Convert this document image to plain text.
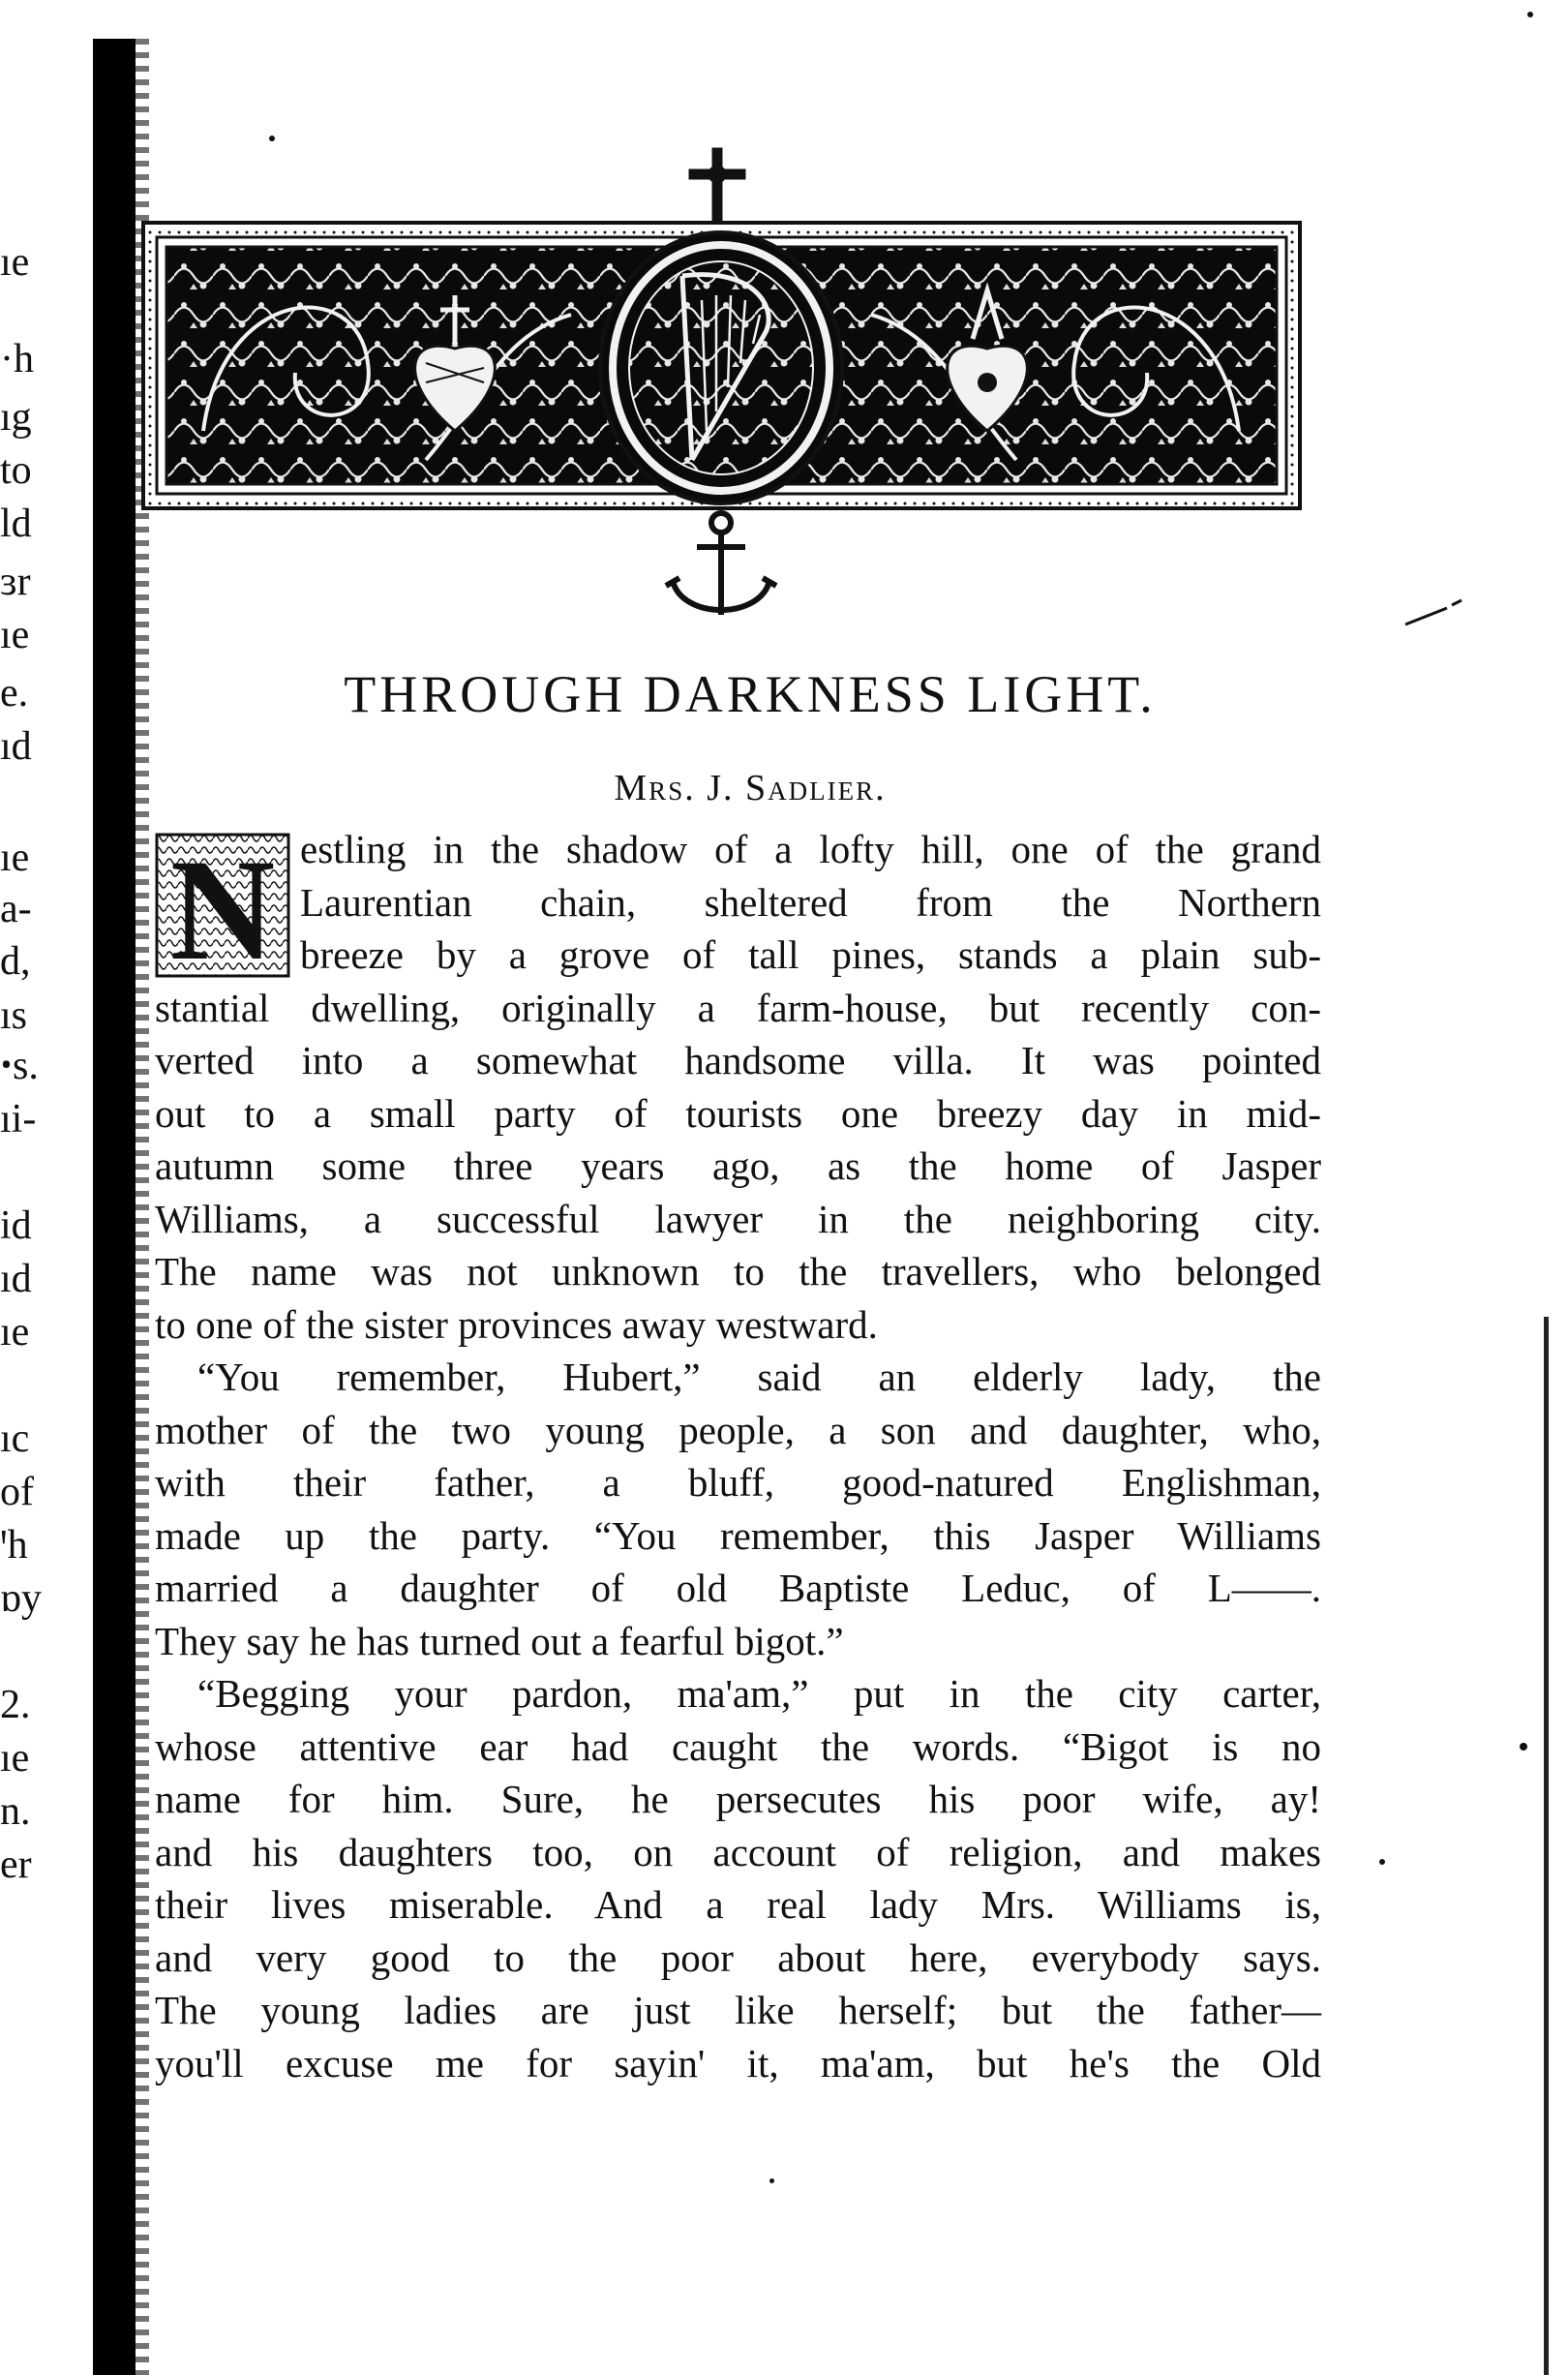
ıe
·h
ıg
to
ld
ɜr
ıe
e.
ıd
ıe
a-
d,
ıs
ꞏs.
ıi-
id
ıd
ıe
ıc
of
ꞌh
ɒy
2.
ıe
n.
er
THROUGH DARKNESS LIGHT.
Mrs. J. Sadlier.
N estling in the shadow of a lofty hill, one of the grand
Laurentian chain, sheltered from the Northern
breeze by a grove of tall pines, stands a plain sub-
stantial dwelling, originally a farm-house, but recently con-
verted into a somewhat handsome villa. It was pointed
out to a small party of tourists one breezy day in mid-
autumn some three years ago, as the home of Jasper
Williams, a successful lawyer in the neighboring city.
The name was not unknown to the travellers, who belonged
to one of the sister provinces away westward.
“You remember, Hubert,” said an elderly lady, the
mother of the two young people, a son and daughter, who,
with their father, a bluff, good-natured Englishman,
made up the party. “You remember, this Jasper Williams
married a daughter of old Baptiste Leduc, of L——.
They say he has turned out a fearful bigot.”
“Begging your pardon, ma'am,” put in the city carter,
whose attentive ear had caught the words. “Bigot is no
name for him. Sure, he persecutes his poor wife, ay!
and his daughters too, on account of religion, and makes
their lives miserable. And a real lady Mrs. Williams is,
and very good to the poor about here, everybody says.
The young ladies are just like herself; but the father—
you'll excuse me for sayin' it, ma'am, but he's the Old
